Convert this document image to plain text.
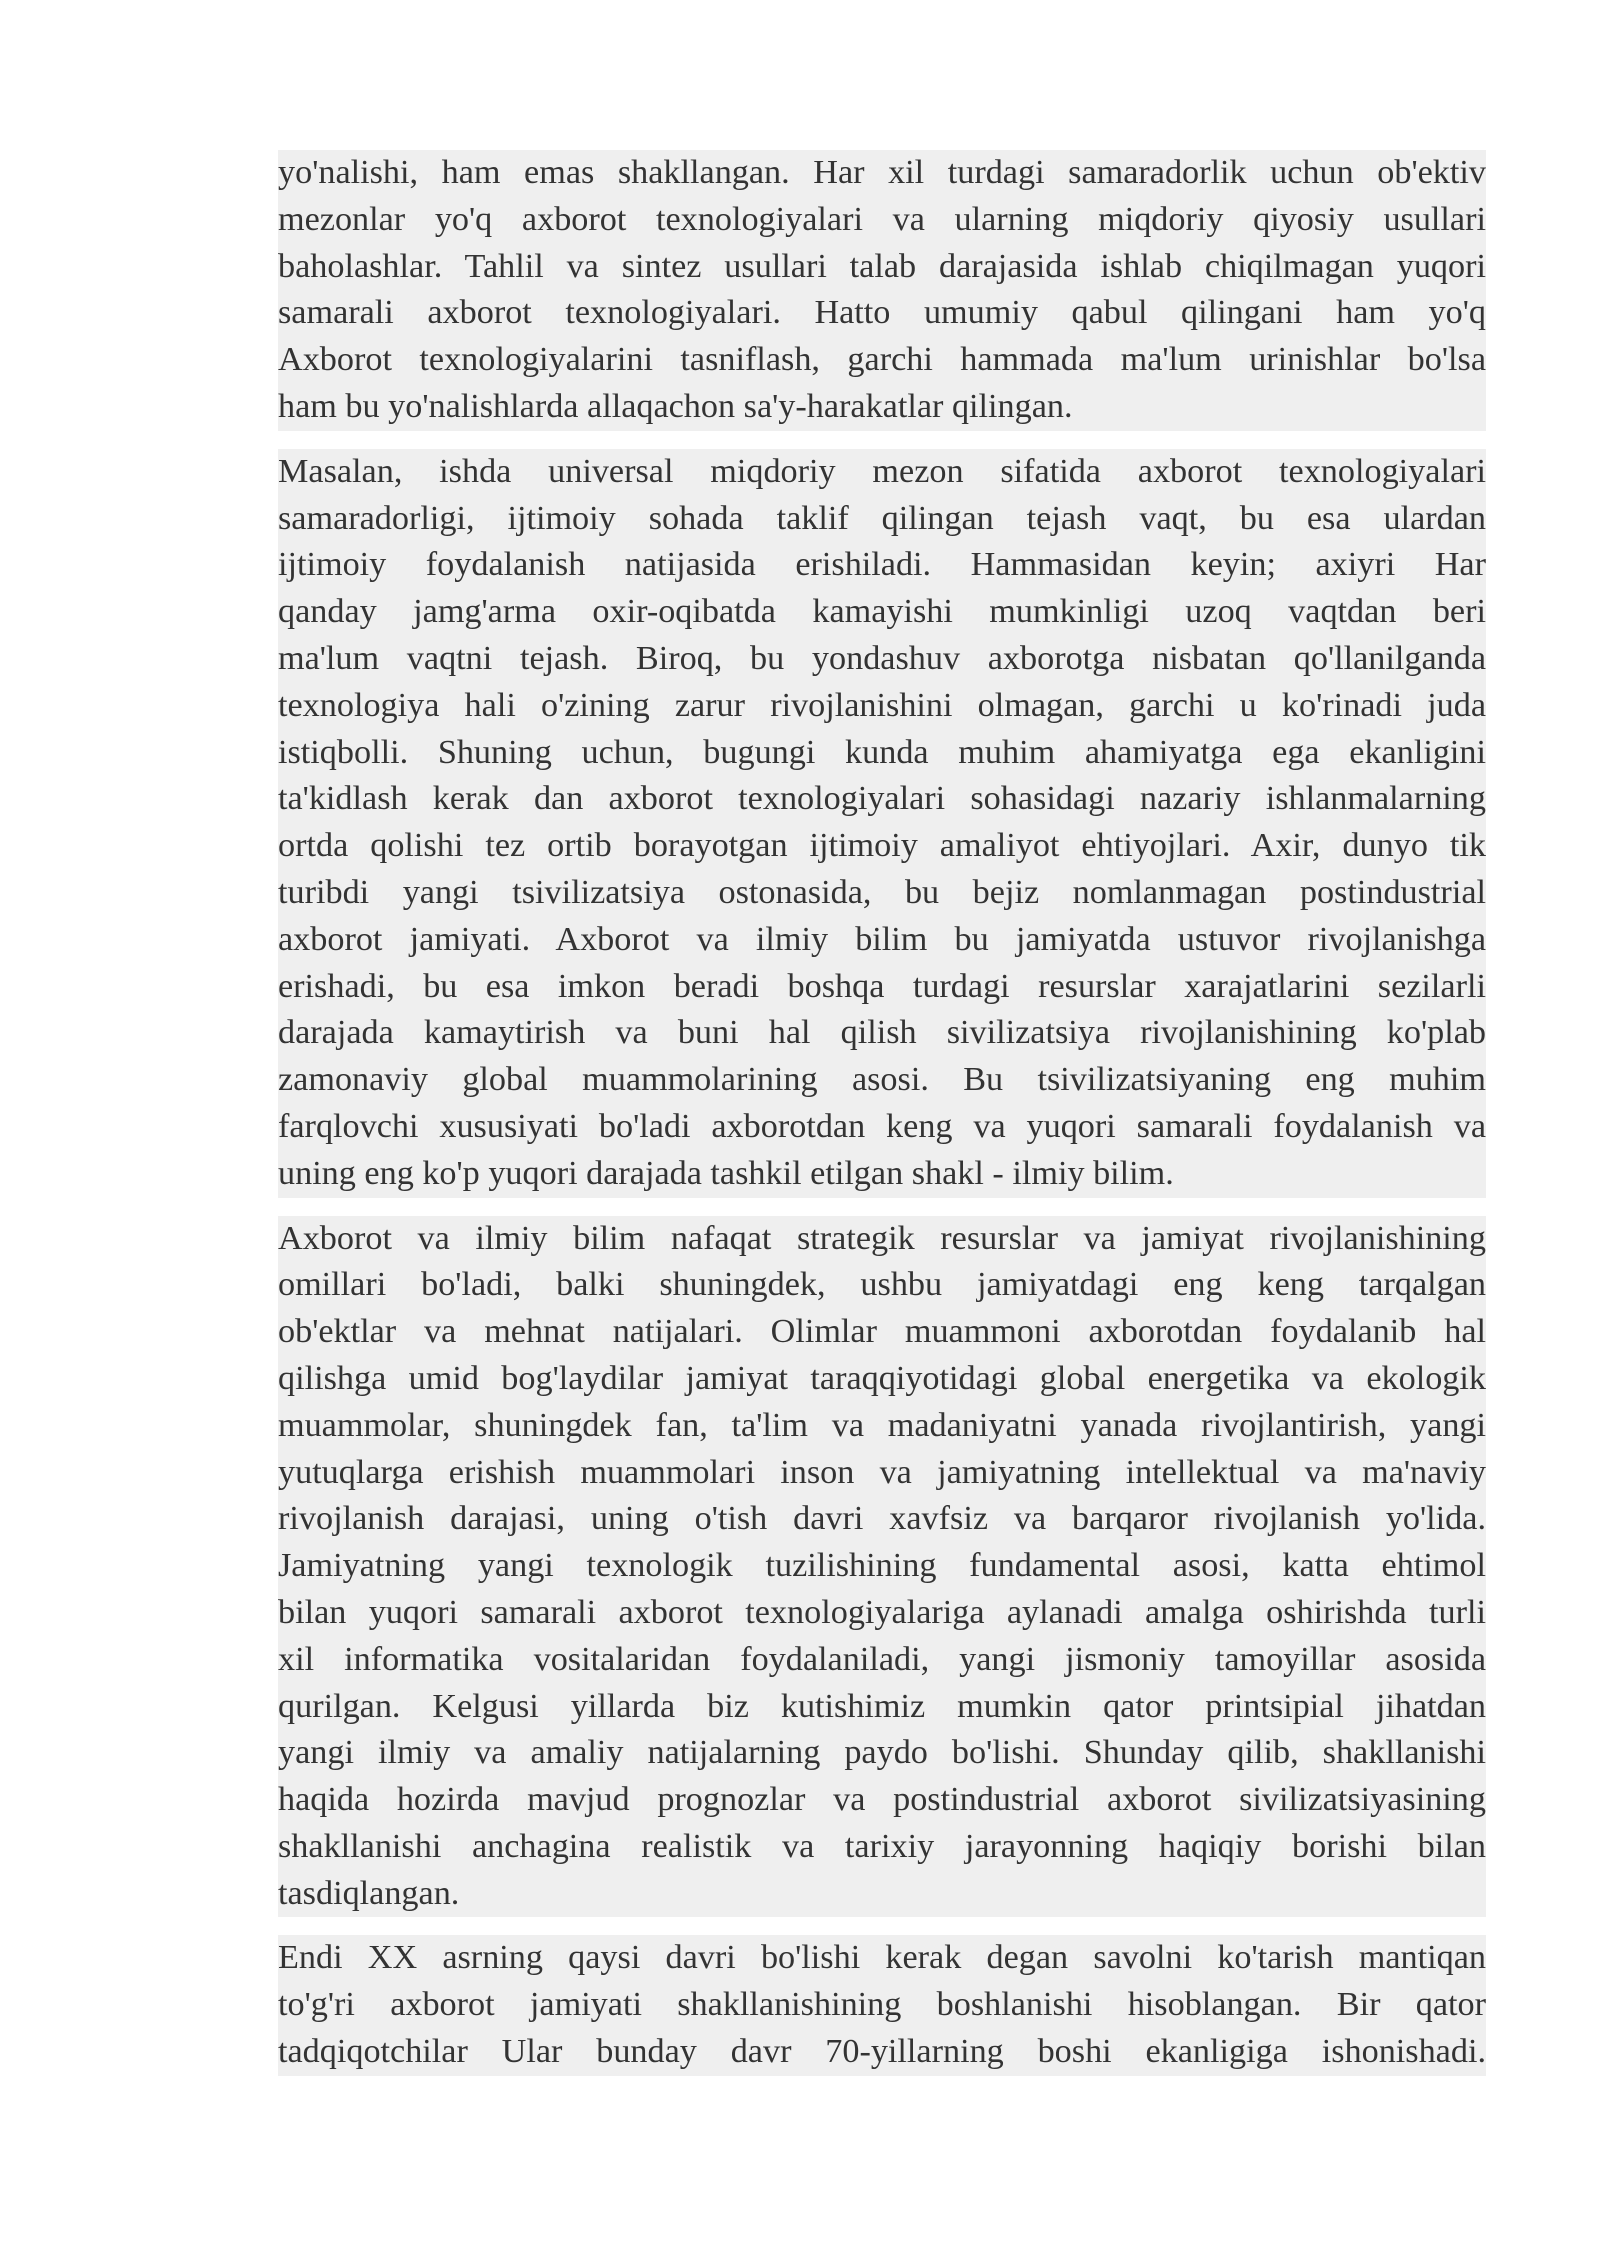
yo'nalishi, ham emas shakllangan. Har xil turdagi samaradorlik uchun ob'ektiv
mezonlar yo'q axborot texnologiyalari va ularning miqdoriy qiyosiy usullari
baholashlar. Tahlil va sintez usullari talab darajasida ishlab chiqilmagan yuqori
samarali axborot texnologiyalari. Hatto umumiy qabul qilingani ham yo'q
Axborot texnologiyalarini tasniflash, garchi hammada ma'lum urinishlar bo'lsa
ham bu yo'nalishlarda allaqachon sa'y-harakatlar qilingan.

Masalan, ishda universal miqdoriy mezon sifatida axborot texnologiyalari
samaradorligi, ijtimoiy sohada taklif qilingan tejash vaqt, bu esa ulardan
ijtimoiy foydalanish natijasida erishiladi. Hammasidan keyin; axiyri Har
qanday jamg'arma oxir-oqibatda kamayishi mumkinligi uzoq vaqtdan beri
ma'lum vaqtni tejash. Biroq, bu yondashuv axborotga nisbatan qo'llanilganda
texnologiya hali o'zining zarur rivojlanishini olmagan, garchi u ko'rinadi juda
istiqbolli. Shuning uchun, bugungi kunda muhim ahamiyatga ega ekanligini
ta'kidlash kerak dan axborot texnologiyalari sohasidagi nazariy ishlanmalarning
ortda qolishi tez ortib borayotgan ijtimoiy amaliyot ehtiyojlari. Axir, dunyo tik
turibdi yangi tsivilizatsiya ostonasida, bu bejiz nomlanmagan postindustrial
axborot jamiyati. Axborot va ilmiy bilim bu jamiyatda ustuvor rivojlanishga
erishadi, bu esa imkon beradi boshqa turdagi resurslar xarajatlarini sezilarli
darajada kamaytirish va buni hal qilish sivilizatsiya rivojlanishining ko'plab
zamonaviy global muammolarining asosi. Bu tsivilizatsiyaning eng muhim
farqlovchi xususiyati bo'ladi axborotdan keng va yuqori samarali foydalanish va
uning eng ko'p yuqori darajada tashkil etilgan shakl - ilmiy bilim.

Axborot va ilmiy bilim nafaqat strategik resurslar va jamiyat rivojlanishining
omillari bo'ladi, balki shuningdek, ushbu jamiyatdagi eng keng tarqalgan
ob'ektlar va mehnat natijalari. Olimlar muammoni axborotdan foydalanib hal
qilishga umid bog'laydilar jamiyat taraqqiyotidagi global energetika va ekologik
muammolar, shuningdek fan, ta'lim va madaniyatni yanada rivojlantirish, yangi
yutuqlarga erishish muammolari inson va jamiyatning intellektual va ma'naviy
rivojlanish darajasi, uning o'tish davri xavfsiz va barqaror rivojlanish yo'lida.
Jamiyatning yangi texnologik tuzilishining fundamental asosi, katta ehtimol
bilan yuqori samarali axborot texnologiyalariga aylanadi amalga oshirishda turli
xil informatika vositalaridan foydalaniladi, yangi jismoniy tamoyillar asosida
qurilgan. Kelgusi yillarda biz kutishimiz mumkin qator printsipial jihatdan
yangi ilmiy va amaliy natijalarning paydo bo'lishi. Shunday qilib, shakllanishi
haqida hozirda mavjud prognozlar va postindustrial axborot sivilizatsiyasining
shakllanishi anchagina realistik va tarixiy jarayonning haqiqiy borishi bilan
tasdiqlangan.

Endi XX asrning qaysi davri bo'lishi kerak degan savolni ko'tarish mantiqan
to'g'ri axborot jamiyati shakllanishining boshlanishi hisoblangan. Bir qator
tadqiqotchilar Ular bunday davr 70-yillarning boshi ekanligiga ishonishadi.
